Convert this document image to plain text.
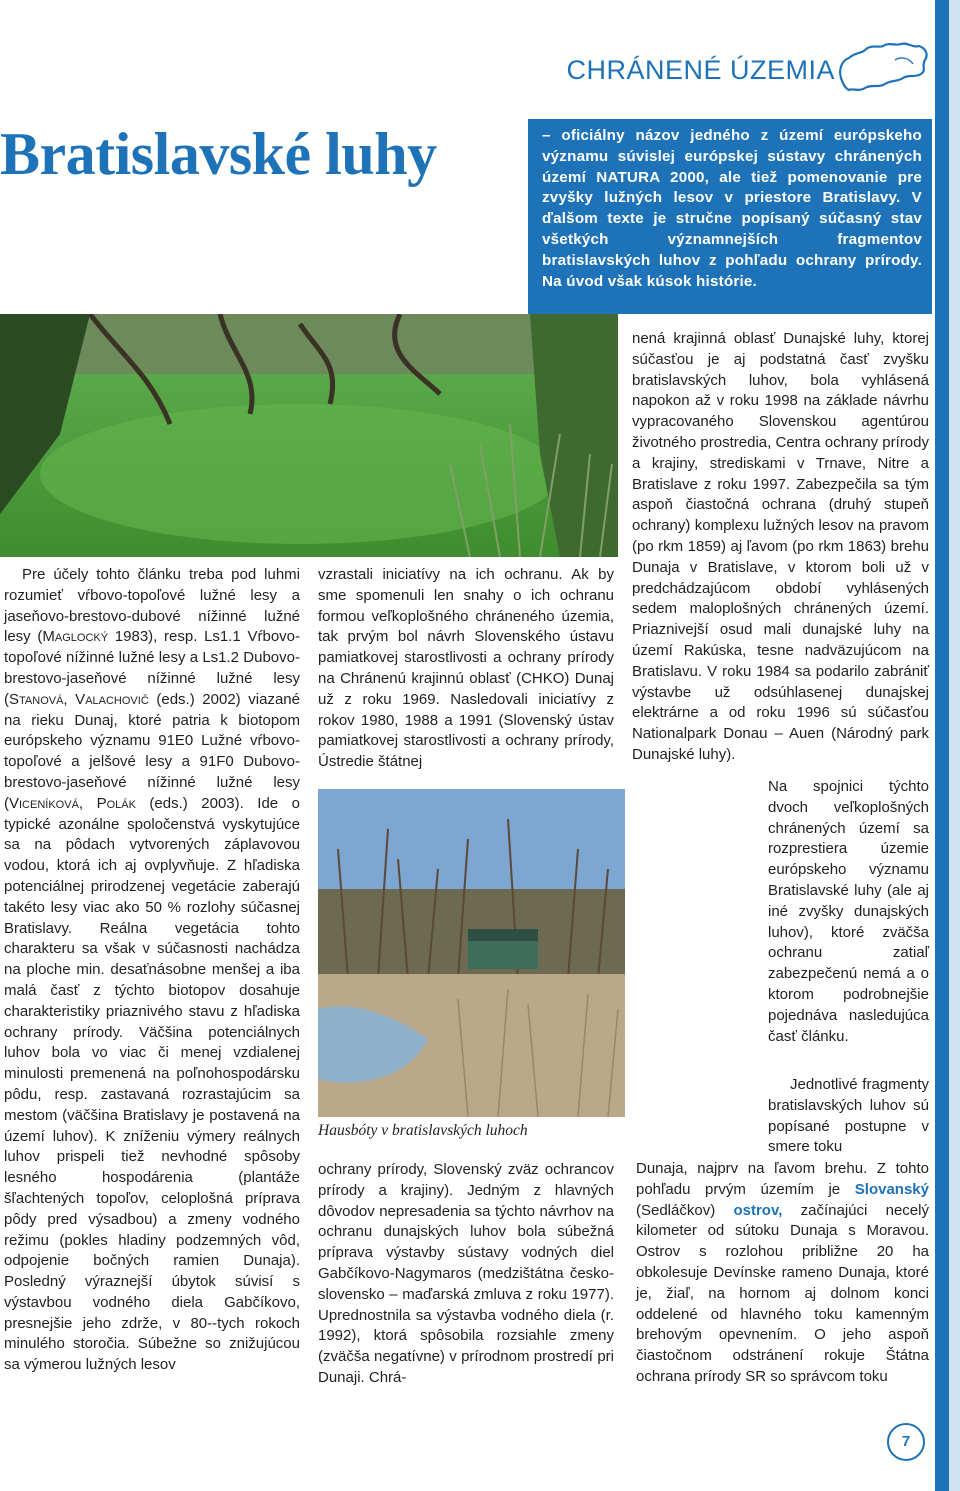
CHRÁNENÉ ÚZEMIA
Bratislavské luhy	– oficiálny názov jedného z území európskeho významu súvislej európskej sústavy chránených území NATURA 2000, ale tiež pomenovanie pre zvyšky lužných lesov v priestore Bratislavy. V ďalšom texte je stručne popísaný súčasný stav všetkých významnejších fragmentov bratislavských luhov z pohľadu ochrany prírody. Na úvod však kúsok histórie.
Hausbóty v bratislavských luhoch

Pre účely tohto článku treba pod luhmi rozumieť vŕbovo-topoľové lužné lesy a jaseňovo-brestovo-dubové nížinné lužné lesy (Maglocký 1983), resp. Ls1.1 Vŕbovo-topoľové nížinné lužné lesy a Ls1.2 Dubovo-brestovo-jaseňové nížinné lužné lesy (Stanová, Valachovič (eds.) 2002) viazané na rieku Dunaj, ktoré patria k biotopom európskeho významu 91E0 Lužné vŕbovo-topoľové a jelšové lesy a 91F0 Dubovo-brestovo-jaseňové nížinné lužné lesy (Viceníková, Polák (eds.) 2003). Ide o typické azonálne spoločenstvá vyskytujúce sa na pôdach vytvorených záplavovou vodou, ktorá ich aj ovplyvňuje. Z hľadiska potenciálnej prirodzenej vegetácie zaberajú takéto lesy viac ako 50 % rozlohy súčasnej Bratislavy. Reálna vegetácia tohto charakteru sa však v súčasnosti nachádza na ploche min. desaťnásobne menšej a iba malá časť z týchto biotopov dosahuje charakteristiky priaznivého stavu z hľadiska ochrany prírody. Väčšina potenciálnych luhov bola vo viac či menej vzdialenej minulosti premenená na poľnohospodársku pôdu, resp. zastavaná rozrastajúcim sa mestom (väčšina Bratislavy je postavená na území luhov). K zníženiu výmery reálnych luhov prispeli tiež nevhodné spôsoby lesného hospodárenia (plantáže šľachtených topoľov, celoplošná príprava pôdy pred výsadbou) a zmeny vodného režimu (pokles hladiny podzemných vôd, odpojenie bočných ramien Dunaja). Posledný výraznejší úbytok súvisí s výstavbou vodného diela Gabčíkovo, presnejšie jeho zdrže, v 80--tych rokoch minulého storočia. Súbežne so znižujúcou sa výmerou lužných lesov

vzrastali iniciatívy na ich ochranu. Ak by sme spomenuli len snahy o ich ochranu formou veľkoplošného chráneného územia, tak prvým bol návrh Slovenského ústavu pamiatkovej starostlivosti a ochrany prírody na Chránenú krajinnú oblasť (CHKO) Dunaj už z roku 1969. Nasledovali iniciatívy z rokov 1980, 1988 a 1991 (Slovenský ústav pamiatkovej starostlivosti a ochrany prírody, Ústredie štátnej
ochrany prírody, Slovenský zväz ochrancov prírody a krajiny). Jedným z hlavných dôvodov nepresadenia sa týchto návrhov na ochranu dunajských luhov bola súbežná príprava výstavby sústavy vodných diel Gabčíkovo-Nagymaros (medzištátna československo – maďarská zmluva z roku 1977). Uprednostnila sa výstavba vodného diela (r. 1992), ktorá spôsobila rozsiahle zmeny (zväčša negatívne) v prírodnom prostredí pri Dunaji. Chrá-
nená krajinná oblasť Dunajské luhy, ktorej súčasťou je aj podstatná časť zvyšku bratislavských luhov, bola vyhlásená napokon až v roku 1998 na základe návrhu vypracovaného Slovenskou agentúrou životného prostredia, Centra ochrany prírody a krajiny, strediskami v Trnave, Nitre a Bratislave z roku 1997. Zabezpečila sa tým aspoň čiastočná ochrana (druhý stupeň ochrany) komplexu lužných lesov na pravom (po rkm 1859) aj ľavom (po rkm 1863) brehu Dunaja v Bratislave, v ktorom boli už v predchádzajúcom období vyhlásených sedem maloplošných chránených území. Priaznivejší osud mali dunajské luhy na území Rakúska, tesne nadväzujúcom na Bratislavu. V roku 1984 sa podarilo zabrániť výstavbe už odsúhlasenej dunajskej elektrárne a od roku 1996 sú súčasťou Nationalpark Donau – Auen (Národný park Dunajské luhy).
Na spojnici týchto dvoch veľkoplošných chránených území sa rozprestiera územie európskeho významu Bratislavské luhy (ale aj iné zvyšky dunajských luhov), ktoré zväčša ochranu zatiaľ zabezpečenú nemá a o ktorom podrobnejšie pojednáva nasledujúca časť článku.
Jednotlivé fragmenty bratislavských luhov sú popísané postupne v smere toku
Dunaja, najprv na ľavom brehu. Z tohto pohľadu prvým územím je Slovanský (Sedláčkov) ostrov, začínajúci necelý kilometer od sútoku Dunaja s Moravou. Ostrov s rozlohou približne 20 ha obkolesuje Devínske rameno Dunaja, ktoré je, žiaľ, na hornom aj dolnom konci oddelené od hlavného toku kamenným brehovým opevnením. O jeho aspoň čiastočnom odstránení rokuje Štátna ochrana prírody SR so správcom toku
7
